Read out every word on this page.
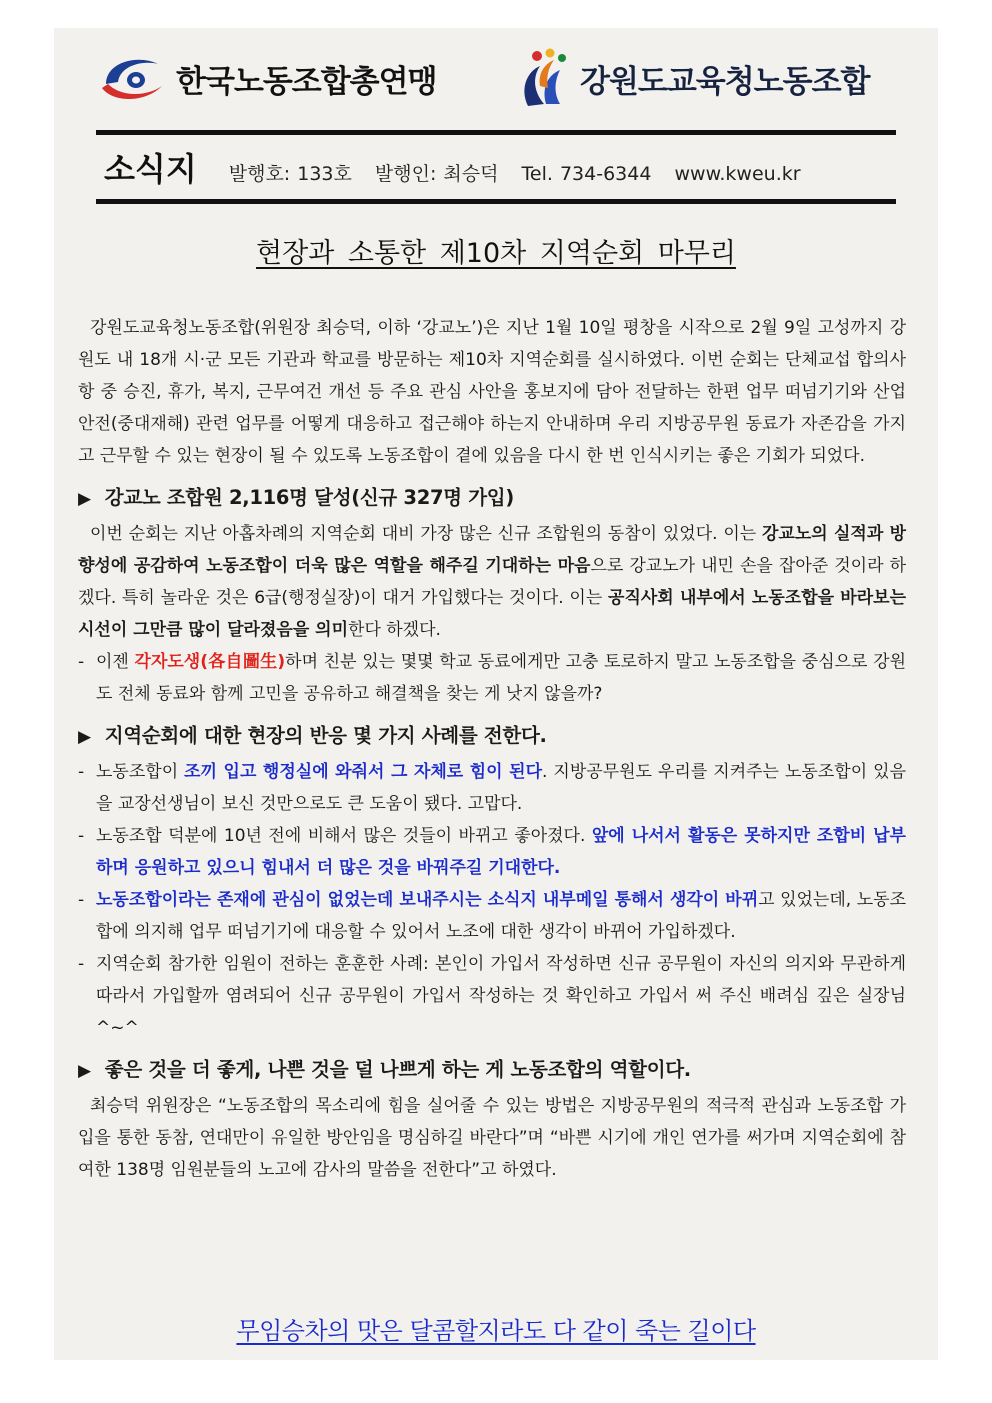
한국노동조합총연맹	강원도교육청노동조합
소식지 발행호: 133호 발행인: 최승덕 Tel. 734-6344 www.kweu.kr
현장과 소통한 제10차 지역순회 마무리

강원도교육청노동조합(위원장 최승덕, 이하 ‘강교노’)은 지난 1월 10일 평창을 시작으로 2월 9일 고성까지 강원도 내 18개 시·군 모든 기관과 학교를 방문하는 제10차 지역순회를 실시하였다. 이번 순회는 단체교섭 합의사항 중 승진, 휴가, 복지, 근무여건 개선 등 주요 관심 사안을 홍보지에 담아 전달하는 한편 업무 떠넘기기와 산업안전(중대재해) 관련 업무를 어떻게 대응하고 접근해야 하는지 안내하며 우리 지방공무원 동료가 자존감을 가지고 근무할 수 있는 현장이 될 수 있도록 노동조합이 곁에 있음을 다시 한 번 인식시키는 좋은 기회가 되었다.

▶ 강교노 조합원 2,116명 달성(신규 327명 가입)

이번 순회는 지난 아홉차례의 지역순회 대비 가장 많은 신규 조합원의 동참이 있었다. 이는 강교노의 실적과 방향성에 공감하여 노동조합이 더욱 많은 역할을 해주길 기대하는 마음으로 강교노가 내민 손을 잡아준 것이라 하겠다. 특히 놀라운 것은 6급(행정실장)이 대거 가입했다는 것이다. 이는 공직사회 내부에서 노동조합을 바라보는 시선이 그만큼 많이 달라졌음을 의미한다 하겠다.

- 이젠 각자도생(各自圖生)하며 친분 있는 몇몇 학교 동료에게만 고충 토로하지 말고 노동조합을 중심으로 강원도 전체 동료와 함께 고민을 공유하고 해결책을 찾는 게 낫지 않을까?
▶ 지역순회에 대한 현장의 반응 몇 가지 사례를 전한다.
- 노동조합이 조끼 입고 행정실에 와줘서 그 자체로 힘이 된다. 지방공무원도 우리를 지켜주는 노동조합이 있음을 교장선생님이 보신 것만으로도 큰 도움이 됐다. 고맙다.
- 노동조합 덕분에 10년 전에 비해서 많은 것들이 바뀌고 좋아졌다. 앞에 나서서 활동은 못하지만 조합비 납부하며 응원하고 있으니 힘내서 더 많은 것을 바꿔주길 기대한다.
- 노동조합이라는 존재에 관심이 없었는데 보내주시는 소식지 내부메일 통해서 생각이 바뀌고 있었는데, 노동조합에 의지해 업무 떠넘기기에 대응할 수 있어서 노조에 대한 생각이 바뀌어 가입하겠다.
- 지역순회 참가한 임원이 전하는 훈훈한 사례: 본인이 가입서 작성하면 신규 공무원이 자신의 의지와 무관하게 따라서 가입할까 염려되어 신규 공무원이 가입서 작성하는 것 확인하고 가입서 써 주신 배려심 깊은 실장님^~^
▶ 좋은 것을 더 좋게, 나쁜 것을 덜 나쁘게 하는 게 노동조합의 역할이다.

최승덕 위원장은 “노동조합의 목소리에 힘을 실어줄 수 있는 방법은 지방공무원의 적극적 관심과 노동조합 가입을 통한 동참, 연대만이 유일한 방안임을 명심하길 바란다”며 “바쁜 시기에 개인 연가를 써가며 지역순회에 참여한 138명 임원분들의 노고에 감사의 말씀을 전한다”고 하였다.

무임승차의 맛은 달콤할지라도 다 같이 죽는 길이다
